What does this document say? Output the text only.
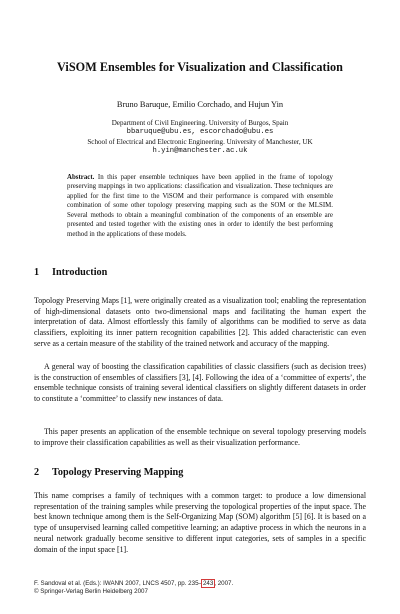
ViSOM Ensembles for Visualization and Classification
Bruno Baruque, Emilio Corchado, and Hujun Yin
Department of Civil Engineering. University of Burgos, Spain
bbaruque@ubu.es, escorchado@ubu.es
School of Electrical and Electronic Engineering. University of Manchester, UK
h.yin@manchester.ac.uk

Abstract. In this paper ensemble techniques have been applied in the frame of topology preserving mappings in two applications: classification and visualization. These techniques are applied for the first time to the ViSOM and their performance is compared with ensemble combination of some other topology preserving mapping such as the SOM or the MLSIM. Several methods to obtain a meaningful combination of the components of an ensemble are presented and tested together with the existing ones in order to identify the best performing method in the applications of these models.

1 Introduction

Topology Preserving Maps [1], were originally created as a visualization tool; enabling the representation of high-dimensional datasets onto two-dimensional maps and facilitating the human expert the interpretation of data. Almost effortlessly this family of algorithms can be modified to serve as data classifiers, exploiting its inner pattern recognition capabilities [2]. This added characteristic can even serve as a certain measure of the stability of the trained network and accuracy of the mapping.

A general way of boosting the classification capabilities of classic classifiers (such as decision trees) is the construction of ensembles of classifiers [3], [4]. Following the idea of a ‘committee of experts’, the ensemble technique consists of training several identical classifiers on slightly different datasets in order to constitute a ‘committee’ to classify new instances of data.

This paper presents an application of the ensemble technique on several topology preserving models to improve their classification capabilities as well as their visualization performance.

2 Topology Preserving Mapping

This name comprises a family of techniques with a common target: to produce a low dimensional representation of the training samples while preserving the topological properties of the input space. The best known technique among them is the Self-Organizing Map (SOM) algorithm [5] [6]. It is based on a type of unsupervised learning called competitive learning; an adaptive process in which the neurons in a neural network gradually become sensitive to different input categories, sets of samples in a specific domain of the input space [1].

F. Sandoval et al. (Eds.): IWANN 2007, LNCS 4507, pp. 235–243, 2007.
© Springer-Verlag Berlin Heidelberg 2007
